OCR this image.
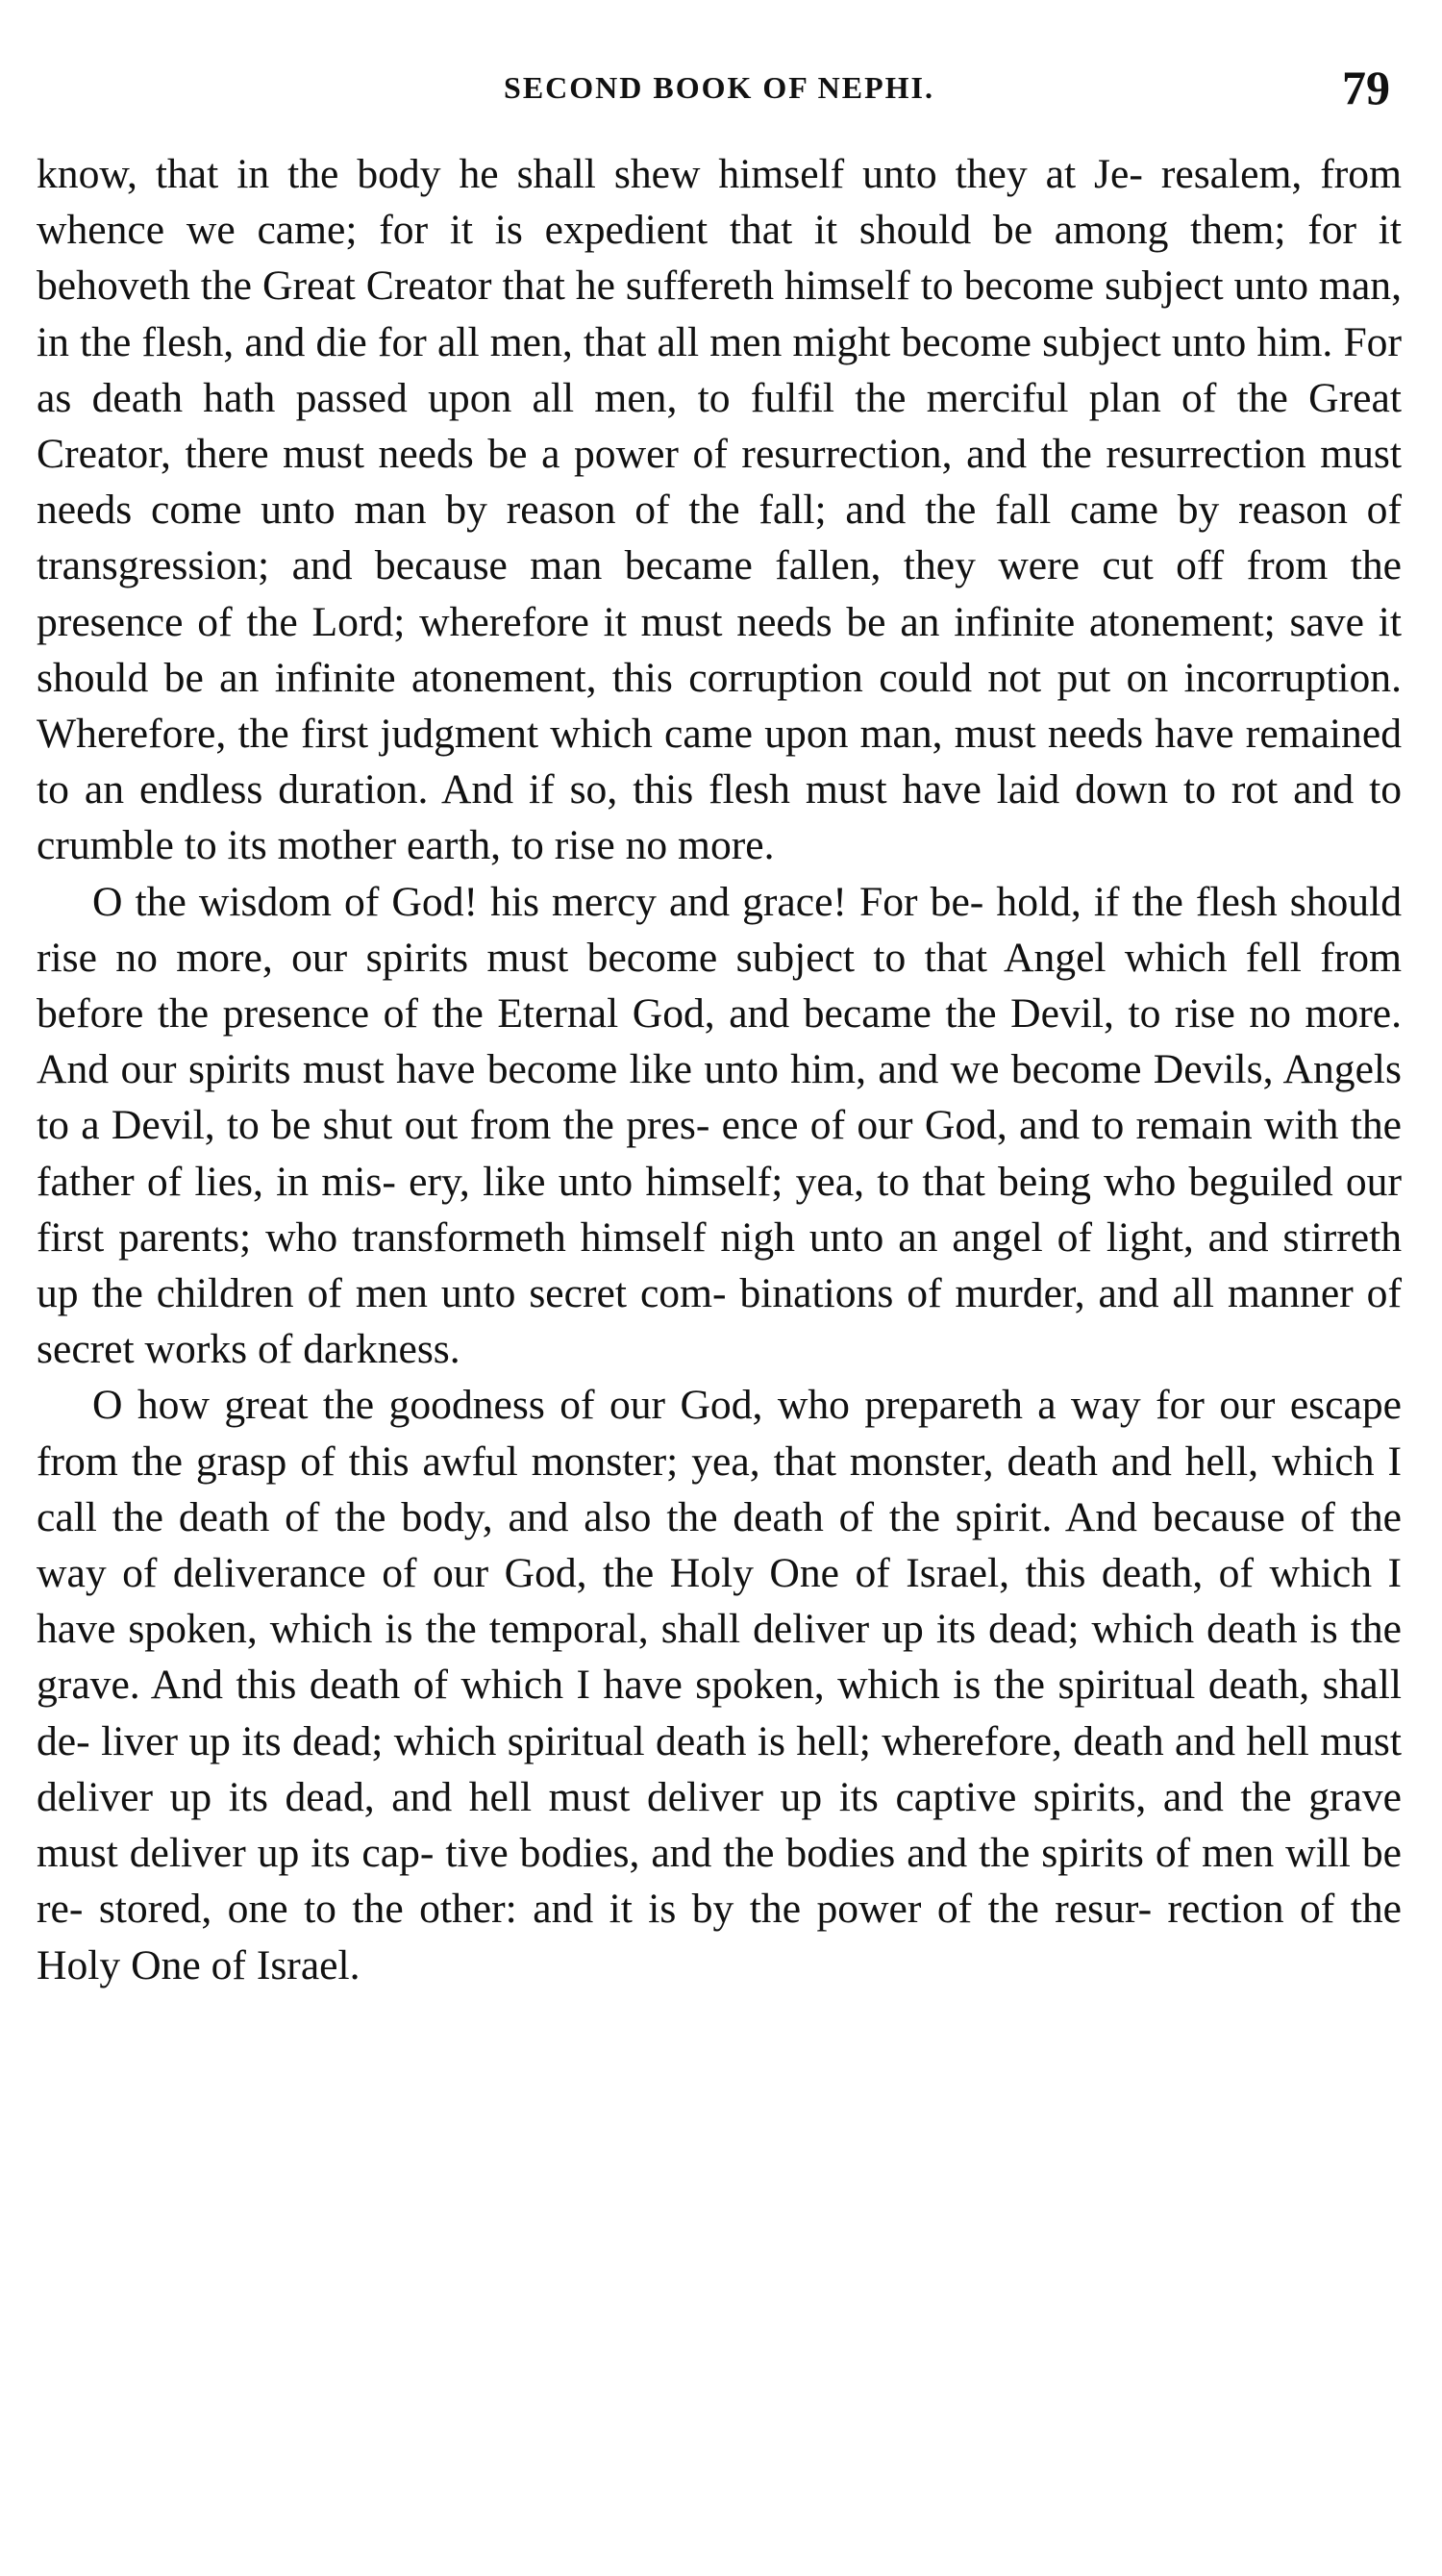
SECOND BOOK OF NEPHI.	79

know, that in the body he shall shew himself unto they at Je- resalem, from whence we came; for it is expedient that it should be among them; for it behoveth the Great Creator that he suffereth himself to become subject unto man, in the flesh, and die for all men, that all men might become subject unto him. For as death hath passed upon all men, to fulfil the merciful plan of the Great Creator, there must needs be a power of resurrection, and the resurrection must needs come unto man by reason of the fall; and the fall came by reason of transgression; and because man became fallen, they were cut off from the presence of the Lord; wherefore it must needs be an infinite atonement; save it should be an infinite atonement, this corruption could not put on incorruption. Wherefore, the first judgment which came upon man, must needs have remained to an endless duration. And if so, this flesh must have laid down to rot and to crumble to its mother earth, to rise no more.

O the wisdom of God! his mercy and grace! For be- hold, if the flesh should rise no more, our spirits must become subject to that Angel which fell from before the presence of the Eternal God, and became the Devil, to rise no more. And our spirits must have become like unto him, and we become Devils, Angels to a Devil, to be shut out from the pres- ence of our God, and to remain with the father of lies, in mis- ery, like unto himself; yea, to that being who beguiled our first parents; who transformeth himself nigh unto an angel of light, and stirreth up the children of men unto secret com- binations of murder, and all manner of secret works of darkness.

O how great the goodness of our God, who prepareth a way for our escape from the grasp of this awful monster; yea, that monster, death and hell, which I call the death of the body, and also the death of the spirit. And because of the way of deliverance of our God, the Holy One of Israel, this death, of which I have spoken, which is the temporal, shall deliver up its dead; which death is the grave. And this death of which I have spoken, which is the spiritual death, shall de- liver up its dead; which spiritual death is hell; wherefore, death and hell must deliver up its dead, and hell must deliver up its captive spirits, and the grave must deliver up its cap- tive bodies, and the bodies and the spirits of men will be re- stored, one to the other: and it is by the power of the resur- rection of the Holy One of Israel.
